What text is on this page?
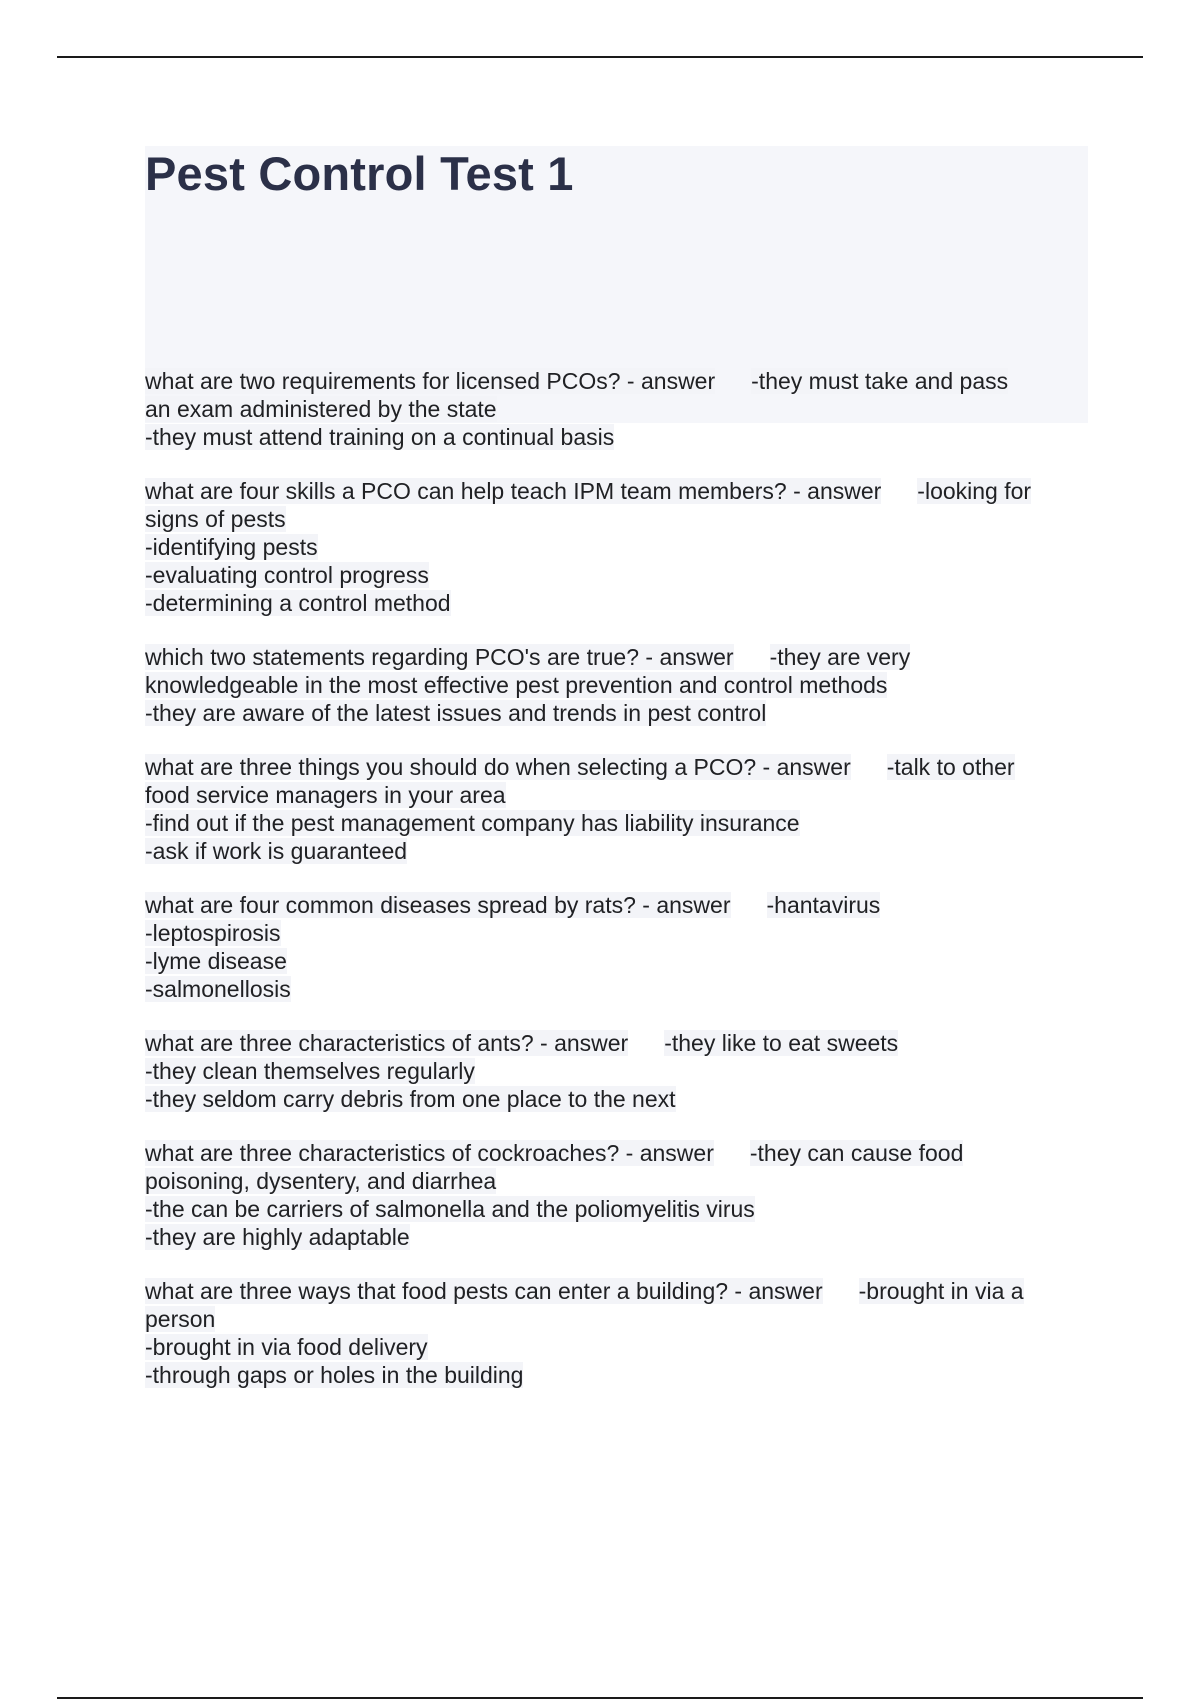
Pest Control Test 1
what are two requirements for licensed PCOs? - answer -they must take and pass
an exam administered by the state
-they must attend training on a continual basis
what are four skills a PCO can help teach IPM team members? - answer -looking for
signs of pests
-identifying pests
-evaluating control progress
-determining a control method
which two statements regarding PCO's are true? - answer -they are very
knowledgeable in the most effective pest prevention and control methods
-they are aware of the latest issues and trends in pest control
what are three things you should do when selecting a PCO? - answer -talk to other
food service managers in your area
-find out if the pest management company has liability insurance
-ask if work is guaranteed
what are four common diseases spread by rats? - answer -hantavirus
-leptospirosis
-lyme disease
-salmonellosis
what are three characteristics of ants? - answer -they like to eat sweets
-they clean themselves regularly
-they seldom carry debris from one place to the next
what are three characteristics of cockroaches? - answer -they can cause food
poisoning, dysentery, and diarrhea
-the can be carriers of salmonella and the poliomyelitis virus
-they are highly adaptable
what are three ways that food pests can enter a building? - answer -brought in via a
person
-brought in via food delivery
-through gaps or holes in the building
